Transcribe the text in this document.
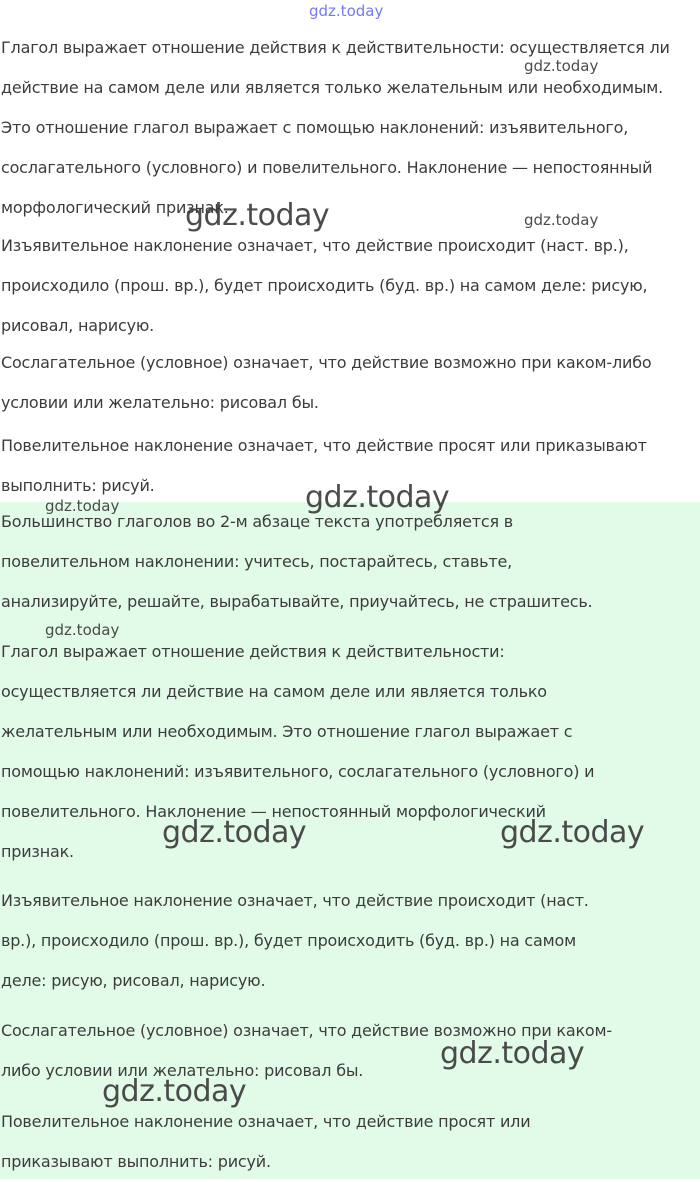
Глагол выражает отношение действия к действительности: осуществляется ли
действие на самом деле или является только желательным или необходимым.
Это отношение глагол выражает с помощью наклонений: изъявительного,
сослагательного (условного) и повелительного. Наклонение — непостоянный
морфологический признак.

Изъявительное наклонение означает, что действие происходит (наст. вр.),
происходило (прош. вр.), будет происходить (буд. вр.) на самом деле: рисую,
рисовал, нарисую.

Сослагательное (условное) означает, что действие возможно при каком-либо
условии или желательно: рисовал бы.

Повелительное наклонение означает, что действие просят или приказывают
выполнить: рисуй.

Большинство глаголов во 2-м абзаце текста употребляется в
повелительном наклонении: учитесь, постарайтесь, ставьте,
анализируйте, решайте, вырабатывайте, приучайтесь, не страшитесь.

Глагол выражает отношение действия к действительности:
осуществляется ли действие на самом деле или является только
желательным или необходимым. Это отношение глагол выражает с
помощью наклонений: изъявительного, сослагательного (условного) и
повелительного. Наклонение — непостоянный морфологический
признак.

Изъявительное наклонение означает, что действие происходит (наст.
вр.), происходило (прош. вр.), будет происходить (буд. вр.) на самом
деле: рисую, рисовал, нарисую.

Сослагательное (условное) означает, что действие возможно при каком-
либо условии или желательно: рисовал бы.

Повелительное наклонение означает, что действие просят или
приказывают выполнить: рисуй.

gdz.today
gdz.today
gdz.today	gdz.today
gdz.today	gdz.today
gdz.today
gdz.today	gdz.today
gdz.today
gdz.today
